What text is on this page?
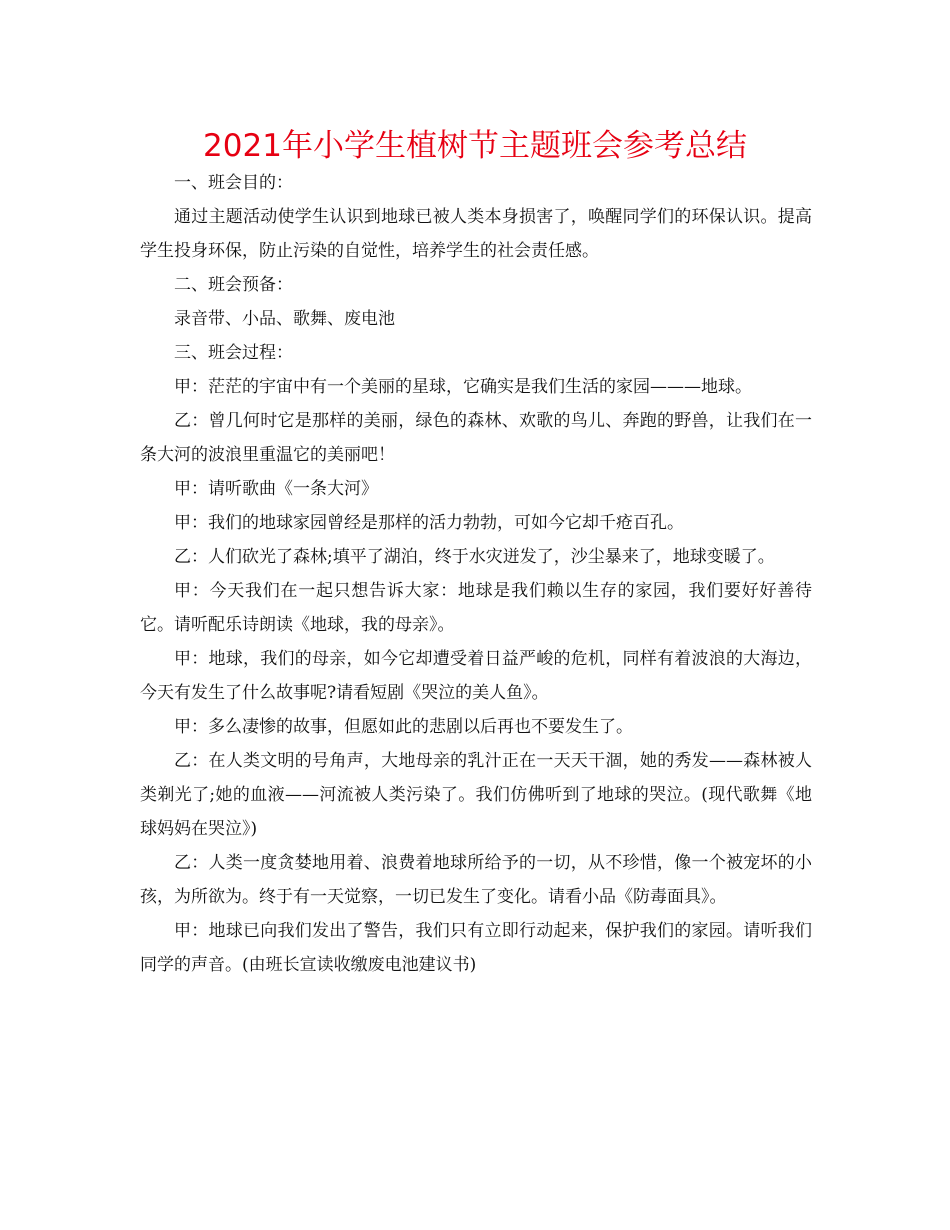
2021年小学生植树节主题班会参考总结

一、班会目的：

通过主题活动使学生认识到地球已被人类本身损害了，唤醒同学们的环保认识。提高学生投身环保，防止污染的自觉性，培养学生的社会责任感。

二、班会预备：

录音带、小品、歌舞、废电池

三、班会过程：

甲：茫茫的宇宙中有一个美丽的星球，它确实是我们生活的家园———地球。

乙：曾几何时它是那样的美丽，绿色的森林、欢歌的鸟儿、奔跑的野兽，让我们在一条大河的波浪里重温它的美丽吧！

甲：请听歌曲《一条大河》

甲：我们的地球家园曾经是那样的活力勃勃，可如今它却千疮百孔。

乙：人们砍光了森林;填平了湖泊，终于水灾迸发了，沙尘暴来了，地球变暖了。

甲：今天我们在一起只想告诉大家：地球是我们赖以生存的家园，我们要好好善待它。请听配乐诗朗读《地球，我的母亲》。

甲：地球，我们的母亲，如今它却遭受着日益严峻的危机，同样有着波浪的大海边，今天有发生了什么故事呢?请看短剧《哭泣的美人鱼》。

甲：多么凄惨的故事，但愿如此的悲剧以后再也不要发生了。

乙：在人类文明的号角声，大地母亲的乳汁正在一天天干涸，她的秀发——森林被人类剃光了;她的血液——河流被人类污染了。我们仿佛听到了地球的哭泣。(现代歌舞《地球妈妈在哭泣》)

乙：人类一度贪婪地用着、浪费着地球所给予的一切，从不珍惜，像一个被宠坏的小孩，为所欲为。终于有一天觉察，一切已发生了变化。请看小品《防毒面具》。

甲：地球已向我们发出了警告，我们只有立即行动起来，保护我们的家园。请听我们同学的声音。(由班长宣读收缴废电池建议书)
